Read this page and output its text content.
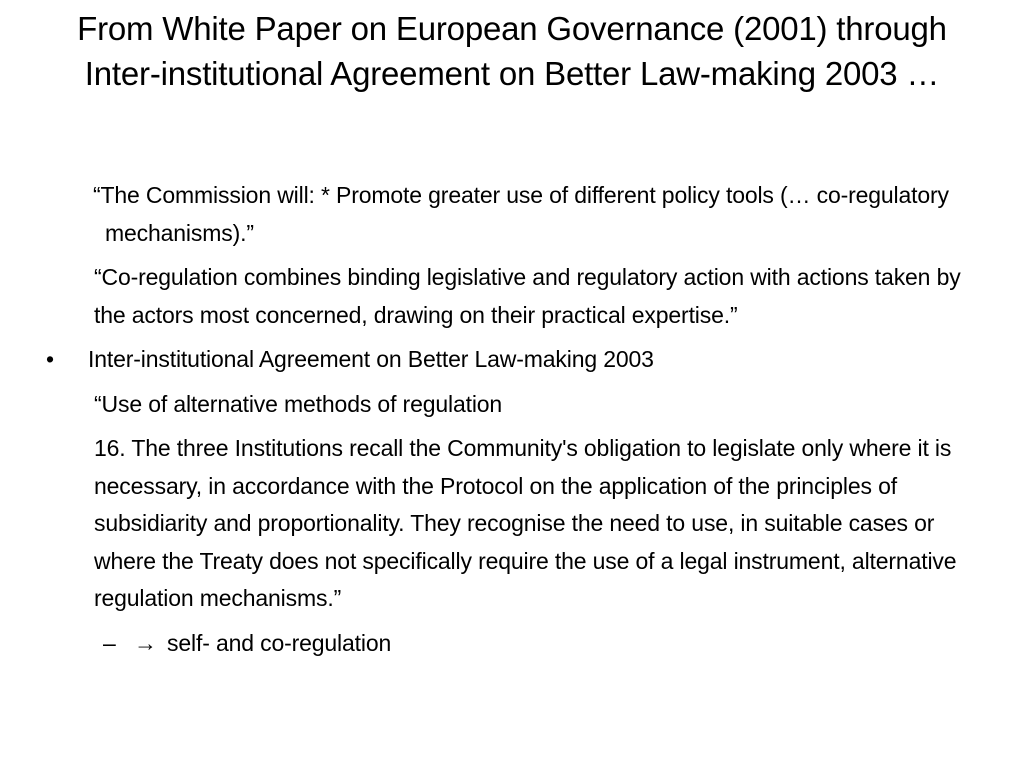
From White Paper on European Governance (2001) through Inter-institutional Agreement on Better Law-making 2003 …

“The Commission will: * Promote greater use of different policy tools (… co-regulatory mechanisms).”

“Co-regulation combines binding legislative and regulatory action with actions taken by the actors most concerned, drawing on their practical expertise.”

• Inter-institutional Agreement on Better Law-making 2003

“Use of alternative methods of regulation

16. The three Institutions recall the Community's obligation to legislate only where it is necessary, in accordance with the Protocol on the application of the principles of subsidiarity and proportionality. They recognise the need to use, in suitable cases or where the Treaty does not specifically require the use of a legal instrument, alternative regulation mechanisms.”

– → self- and co-regulation
